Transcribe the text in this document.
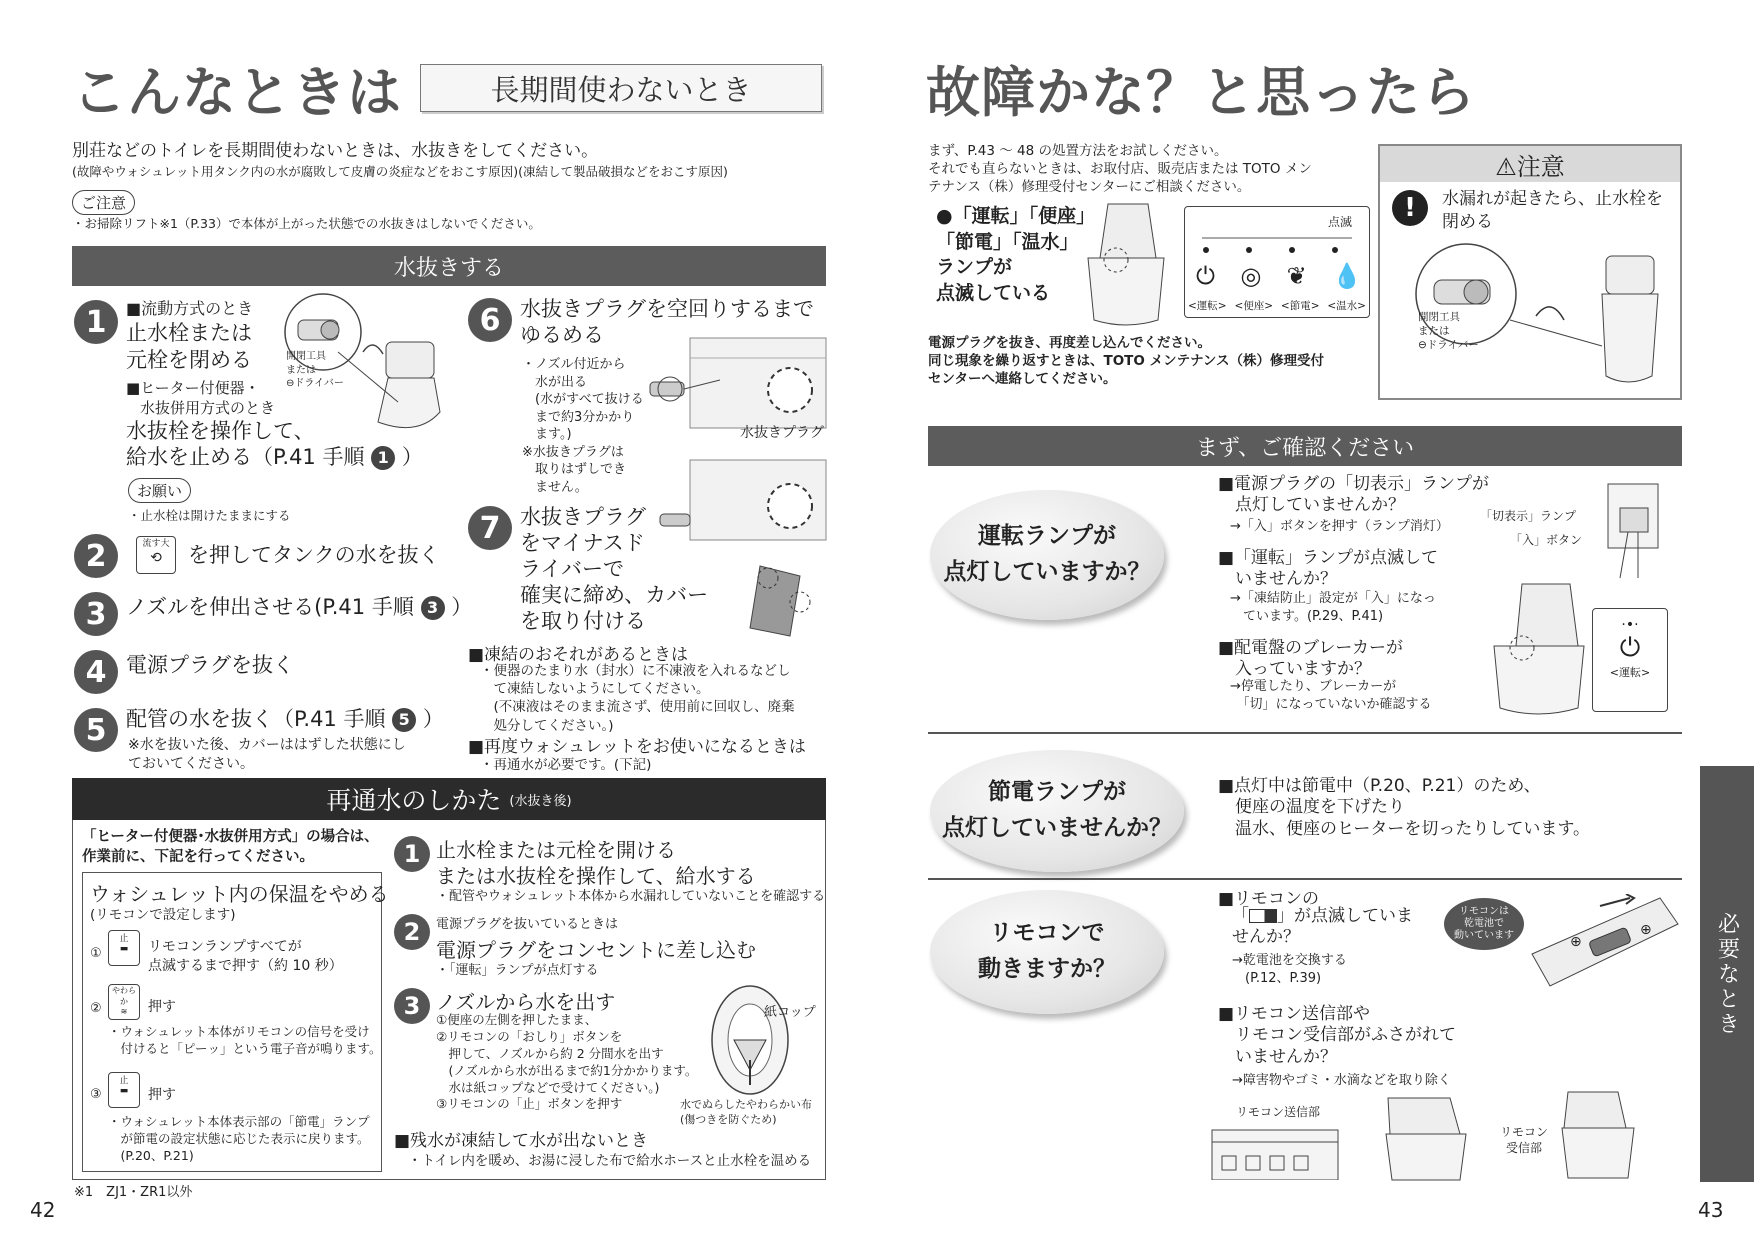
こんなときは	長期間使わないとき
別荘などのトイレを長期間使わないときは、水抜きをしてください。
(故障やウォシュレット用タンク内の水が腐敗して皮膚の炎症などをおこす原因)(凍結して製品破損などをおこす原因)
ご注意
・お掃除リフト※1（P.33）で本体が上がった状態での水抜きはしないでください。
水抜きする
1	■流動方式のとき
止水栓または
元栓を閉める
■ヒーター付便器・
水抜併用方式のとき
水抜栓を操作して、
給水を止める（P.41 手順 1 ）
開閉工具
または
⊖ドライバー
お願い
・止水栓は開けたままにする
2	流す大
⟲	を押してタンクの水を抜く
3 ノズルを伸出させる(P.41 手順 3 ）
4 電源プラグを抜く
5 配管の水を抜く（P.41 手順 5 ）
※水を抜いた後、カバーははずした状態にし
ておいてください。
6 水抜きプラグを空回りするまで
ゆるめる
・ノズル付近から
　水が出る
　(水がすべて抜ける
　まで約3分かかり
　ます。)
※水抜きプラグは
　取りはずしでき
　ません。
水抜きプラグ
7 水抜きプラグ
をマイナスド
ライバーで
確実に締め、カバー
を取り付ける
■凍結のおそれがあるときは
・便器のたまり水（封水）に不凍液を入れるなどし
　て凍結しないようにしてください。
　(不凍液はそのまま流さず、使用前に回収し、廃棄
　処分してください。)
■再度ウォシュレットをお使いになるときは
・再通水が必要です。(下記)
再通水のしかた (水抜き後)
「ヒーター付便器･水抜併用方式」の場合は、
作業前に、下記を行ってください。
ウォシュレット内の保温をやめる
(リモコンで設定します)
①
止
▬	リモコンランプすべてが
点滅するまで押す（約 10 秒）
②
やわらか
≋	押す
・ウォシュレット本体がリモコンの信号を受け
　付けると「ピーッ」という電子音が鳴ります。
③
止
▬	押す
・ウォシュレット本体表示部の「節電」ランプ
　が節電の設定状態に応じた表示に戻ります。
　(P.20、P.21)
1 止水栓または元栓を開ける
または水抜栓を操作して、給水する
・配管やウォシュレット本体から水漏れしていないことを確認する
2	電源プラグを抜いているときは
電源プラグをコンセントに差し込む
・「運転」ランプが点灯する
3 ノズルから水を出す
①便座の左側を押したまま、
②リモコンの「おしり」ボタンを
　押して、ノズルから約 2 分間水を出す
　(ノズルから水が出るまで約1分かかります。
　水は紙コップなどで受けてください。)
③リモコンの「止」ボタンを押す
紙コップ
水でぬらしたやわらかい布
(傷つきを防ぐため)
■残水が凍結して水が出ないとき
・トイレ内を暖め、お湯に浸した布で給水ホースと止水栓を温める
※1　ZJ1・ZR1以外
42
故障かな？と思ったら
まず、P.43 ～ 48 の処置方法をお試しください。
それでも直らないときは、お取付店、販売店または TOTO メン
テナンス（株）修理受付センターにご相談ください。
●「運転」「便座」
「節電」「温水」
ランプが
点滅している
点滅
⏻ ◎ ❦ 💧
<運転> <便座> <節電> <温水>
電源プラグを抜き、再度差し込んでください。
同じ現象を繰り返すときは、TOTO メンテナンス（株）修理受付
センターへ連絡してください。
⚠注意
!	水漏れが起きたら、止水栓を
閉める
開閉工具
または
⊖ドライバー
まず、ご確認ください
運転ランプが
点灯していますか？
■電源プラグの「切表示」ランプが
　点灯していませんか？
→「入」ボタンを押す（ランプ消灯）
■「運転」ランプが点滅して
　いませんか？
→「凍結防止」設定が「入」になっ
　ています。(P.29、P.41)
■配電盤のブレーカーが
　入っていますか？
→停電したり、ブレーカーが
　「切」になっていないか確認する
「切表示」ランプ
「入」ボタン
·•·
⏻
<運転>
節電ランプが
点灯していませんか？
■点灯中は節電中（P.20、P.21）のため、
　便座の温度を下げたり
　温水、便座のヒーターを切ったりしています。
リモコンで
動きますか？
■リモコンの
「 」が点滅していま
せんか？
→乾電池を交換する
　(P.12、P.39)
リモコンは
乾電池で
動いています	⊕
⊕
■リモコン送信部や
　リモコン受信部がふさがれて
　いませんか？
→障害物やゴミ・水滴などを取り除く
リモコン送信部
リモコン
受信部
必要なとき
43
